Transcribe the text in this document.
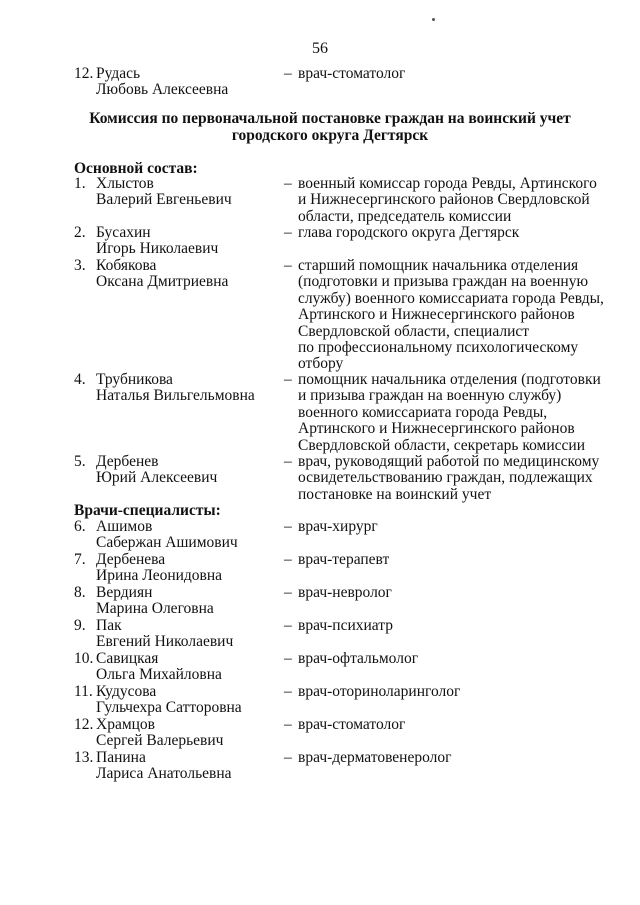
56
12. Рудась
Любовь Алексеевна
– врач-стоматолог
Комиссия по первоначальной постановке граждан на воинский учет
городского округа Дегтярск
Основной состав:
1. Хлыстов
Валерий Евгеньевич
– военный комиссар города Ревды, Артинского
и Нижнесергинского районов Свердловской
области, председатель комиссии
2. Бусахин
Игорь Николаевич
– глава городского округа Дегтярск
3. Кобякова
Оксана Дмитриевна
– старший помощник начальника отделения
(подготовки и призыва граждан на военную
службу) военного комиссариата города Ревды,
Артинского и Нижнесергинского районов
Свердловской области, специалист
по профессиональному психологическому
отбору
4. Трубникова
Наталья Вильгельмовна
– помощник начальника отделения (подготовки
и призыва граждан на военную службу)
военного комиссариата города Ревды,
Артинского и Нижнесергинского районов
Свердловской области, секретарь комиссии
5. Дербенев
Юрий Алексеевич
– врач, руководящий работой по медицинскому
освидетельствованию граждан, подлежащих
постановке на воинский учет
Врачи-специалисты:
6. Ашимов
Сабержан Ашимович
– врач-хирург
7. Дербенева
Ирина Леонидовна
– врач-терапевт
8. Вердиян
Марина Олеговна
– врач-невролог
9. Пак
Евгений Николаевич
– врач-психиатр
10. Савицкая
Ольга Михайловна
– врач-офтальмолог
11. Кудусова
Гульчехра Сатторовна
– врач-оториноларинголог
12. Храмцов
Сергей Валерьевич
– врач-стоматолог
13. Панина
Лариса Анатольевна
– врач-дерматовенеролог
